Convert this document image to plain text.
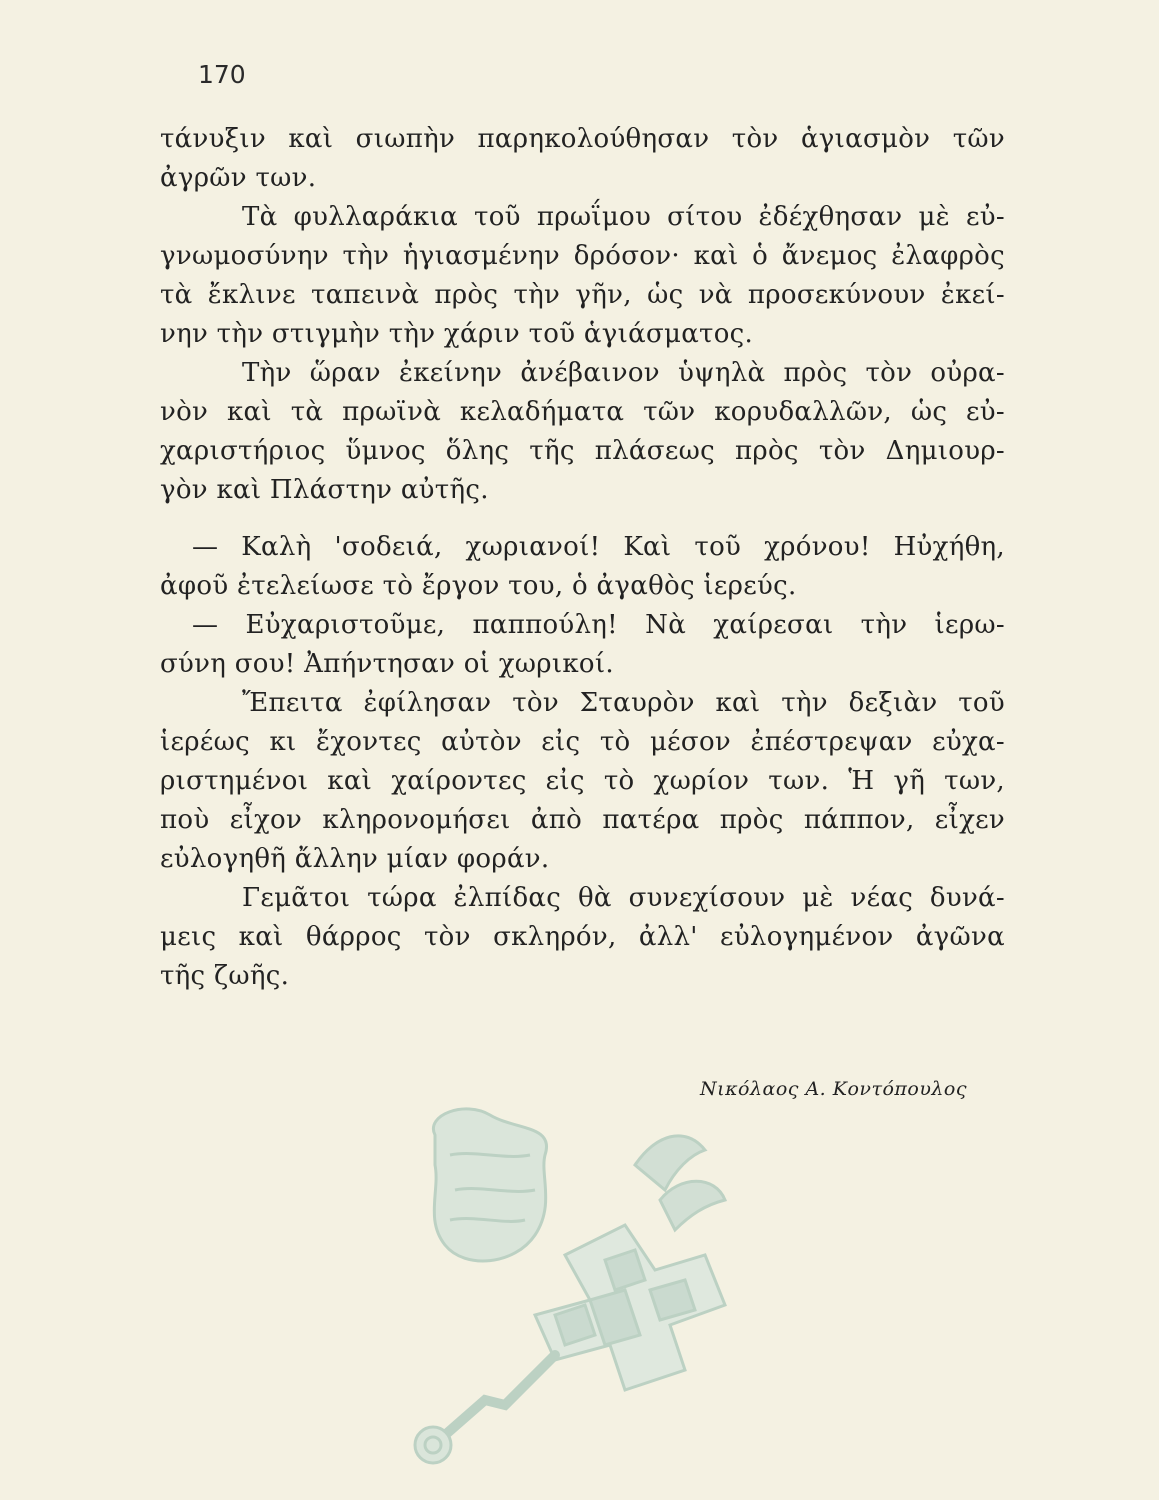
170
τάνυξιν καὶ σιωπὴν παρηκολούθησαν τὸν ἁγιασμὸν τῶν
ἀγρῶν των.
Τὰ φυλλαράκια τοῦ πρωΐμου σίτου ἐδέχθησαν μὲ εὐ-
γνωμοσύνην τὴν ἡγιασμένην δρόσον· καὶ ὁ ἄνεμος ἐλαφρὸς
τὰ ἔκλινε ταπεινὰ πρὸς τὴν γῆν, ὡς νὰ προσεκύνουν ἐκεί-
νην τὴν στιγμὴν τὴν χάριν τοῦ ἁγιάσματος.
Τὴν ὥραν ἐκείνην ἀνέβαινον ὑψηλὰ πρὸς τὸν οὐρα-
νὸν καὶ τὰ πρωϊνὰ κελαδήματα τῶν κορυδαλλῶν, ὡς εὐ-
χαριστήριος ὕμνος ὅλης τῆς πλάσεως πρὸς τὸν Δημιουρ-
γὸν καὶ Πλάστην αὐτῆς.
— Καλὴ 'σοδειά, χωριανοί! Καὶ τοῦ χρόνου! Ηὐχήθη,
ἀφοῦ ἐτελείωσε τὸ ἔργον του, ὁ ἀγαθὸς ἱερεύς.
— Εὐχαριστοῦμε, παππούλη! Νὰ χαίρεσαι τὴν ἱερω-
σύνη σου! Ἀπήντησαν οἱ χωρικοί.
Ἔπειτα ἐφίλησαν τὸν Σταυρὸν καὶ τὴν δεξιὰν τοῦ
ἱερέως κι ἔχοντες αὐτὸν εἰς τὸ μέσον ἐπέστρεψαν εὐχα-
ριστημένοι καὶ χαίροντες εἰς τὸ χωρίον των. Ἡ γῆ των,
ποὺ εἶχον κληρονομήσει ἀπὸ πατέρα πρὸς πάππον, εἶχεν
εὐλογηθῆ ἄλλην μίαν φοράν.
Γεμᾶτοι τώρα ἐλπίδας θὰ συνεχίσουν μὲ νέας δυνά-
μεις καὶ θάρρος τὸν σκληρόν, ἀλλ' εὐλογημένον ἀγῶνα
τῆς ζωῆς.
Νικόλαος Α. Κοντόπουλος
